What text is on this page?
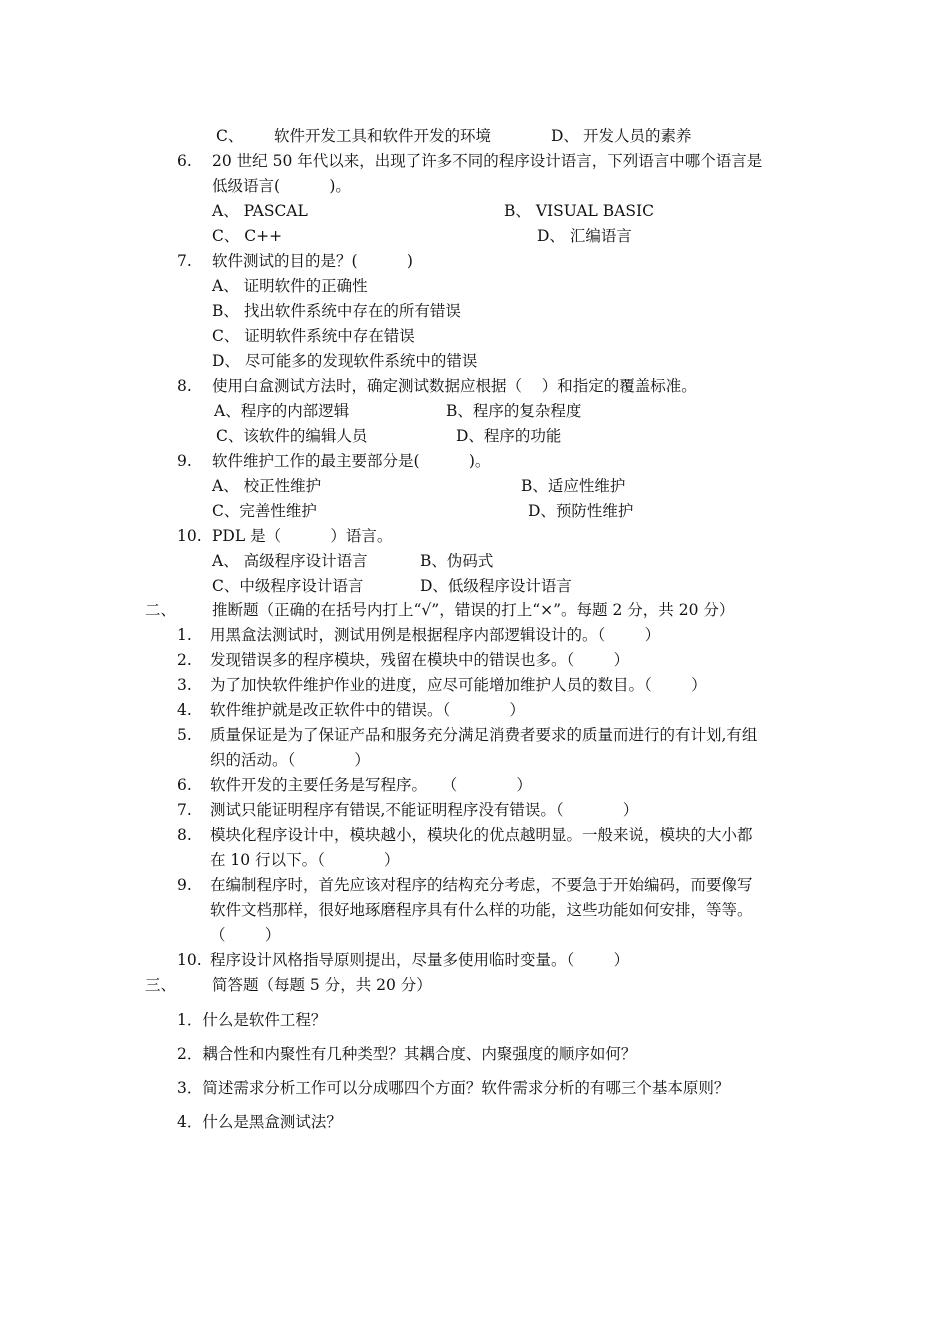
C、 软件开发工具和软件开发的环境	D、 开发人员的素养
6. 20 世纪 50 年代以来，出现了许多不同的程序设计语言，下列语言中哪个语言是
低级语言(          )。
A、 PASCAL	B、 VISUAL BASIC
C、 C++	D、 汇编语言
7. 软件测试的目的是？(          )
A、 证明软件的正确性
B、 找出软件系统中存在的所有错误
C、 证明软件系统中存在错误
D、 尽可能多的发现软件系统中的错误
8. 使用白盒测试方法时，确定测试数据应根据（    ）和指定的覆盖标准。
A、程序的内部逻辑	B、程序的复杂程度
C、该软件的编辑人员	D、程序的功能
9. 软件维护工作的最主要部分是(          )。
A、 校正性维护	B、适应性维护
C、完善性维护	D、预防性维护
10. PDL 是（          ）语言。
A、 高级程序设计语言	B、伪码式
C、中级程序设计语言	D、低级程序设计语言
二、 推断题（正确的在括号内打上“√”，错误的打上“×”。每题 2 分，共 20 分）
1. 用黑盒法测试时，测试用例是根据程序内部逻辑设计的。（        ）
2. 发现错误多的程序模块，残留在模块中的错误也多。（        ）
3. 为了加快软件维护作业的进度，应尽可能增加维护人员的数目。（        ）
4. 软件维护就是改正软件中的错误。（            ）
5. 质量保证是为了保证产品和服务充分满足消费者要求的质量而进行的有计划,有组
织的活动。（            ）
6. 软件开发的主要任务是写程序。   （            ）
7. 测试只能证明程序有错误,不能证明程序没有错误。（            ）
8. 模块化程序设计中，模块越小，模块化的优点越明显。一般来说，模块的大小都
在 10 行以下。（            ）
9. 在编制程序时，首先应该对程序的结构充分考虑，不要急于开始编码，而要像写
软件文档那样，很好地琢磨程序具有什么样的功能，这些功能如何安排，等等。
（        ）
10. 程序设计风格指导原则提出，尽量多使用临时变量。（        ）
三、 简答题（每题 5 分，共 20 分）
1．什么是软件工程？
2．耦合性和内聚性有几种类型？其耦合度、内聚强度的顺序如何？
3．简述需求分析工作可以分成哪四个方面？软件需求分析的有哪三个基本原则？
4．什么是黑盒测试法？
